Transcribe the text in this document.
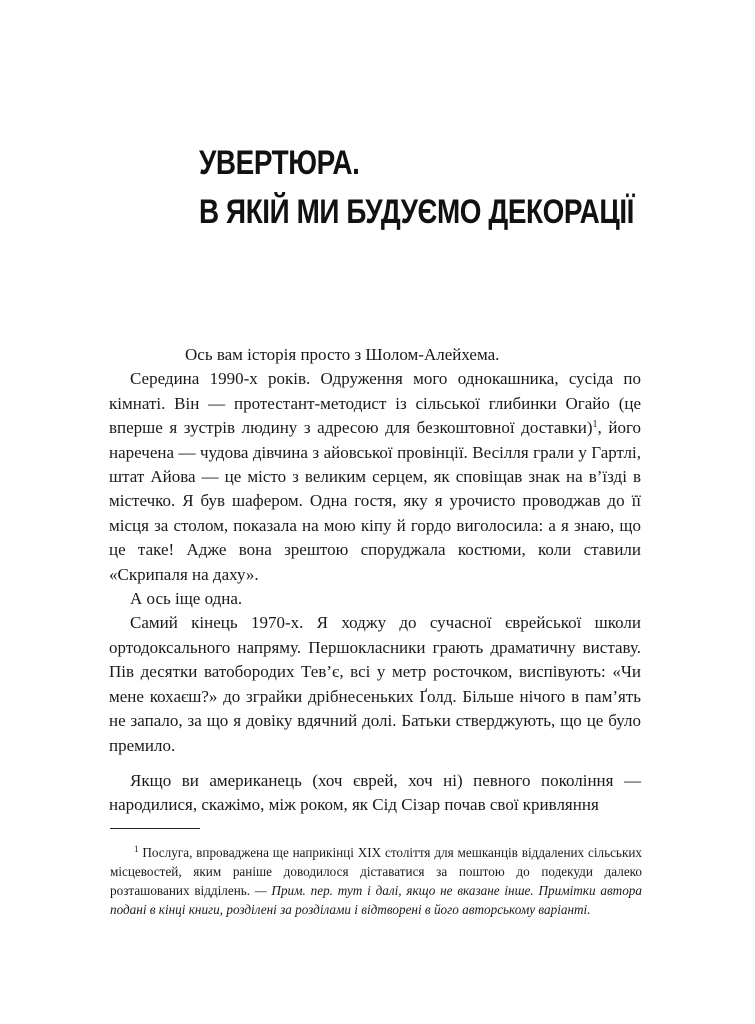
УВЕРТЮРА.
В ЯКІЙ МИ БУДУЄМО ДЕКОРАЦІЇ

Ось вам історія просто з Шолом-Алейхема.

Середина 1990-х років. Одруження мого однокашника, сусіда по кімнаті. Він — протестант-методист із сільської глибинки Огайо (це вперше я зустрів людину з адресою для безкоштовної доставки)$^1$, його наречена — чудова дівчина з айовської провінції. Весілля грали у Гартлі, штат Айова — це місто з великим серцем, як сповіщав знак на в’їзді в містечко. Я був шафером. Одна гостя, яку я урочисто проводжав до її місця за столом, показала на мою кіпу й гордо виголосила: а я знаю, що це таке! Адже вона зрештою споруджала костюми, коли ставили «Скрипаля на даху».

А ось іще одна.

Самий кінець 1970-х. Я ходжу до сучасної єврейської школи ортодоксального напряму. Першокласники грають драматичну виставу. Пів десятки ватобородих Тев’є, всі у метр росточком, виспівують: «Чи мене кохаєш?» до зграйки дрібнесеньких Ґолд. Більше нічого в пам’ять не запало, за що я довіку вдячний долі. Батьки стверджують, що це було премило.

Якщо ви американець (хоч єврей, хоч ні) певного покоління — народилися, скажімо, між роком, як Сід Сізар почав свої кривляння

$^1$ Послуга, впроваджена ще наприкінці XIX століття для мешканців віддалених сільських місцевостей, яким раніше доводилося діставатися за поштою до подекуди далеко розташованих відділень. — Прим. пер. тут і далі, якщо не вказане інше. Примітки автора подані в кінці книги, розділені за розділами і відтворені в його авторському варіанті.
